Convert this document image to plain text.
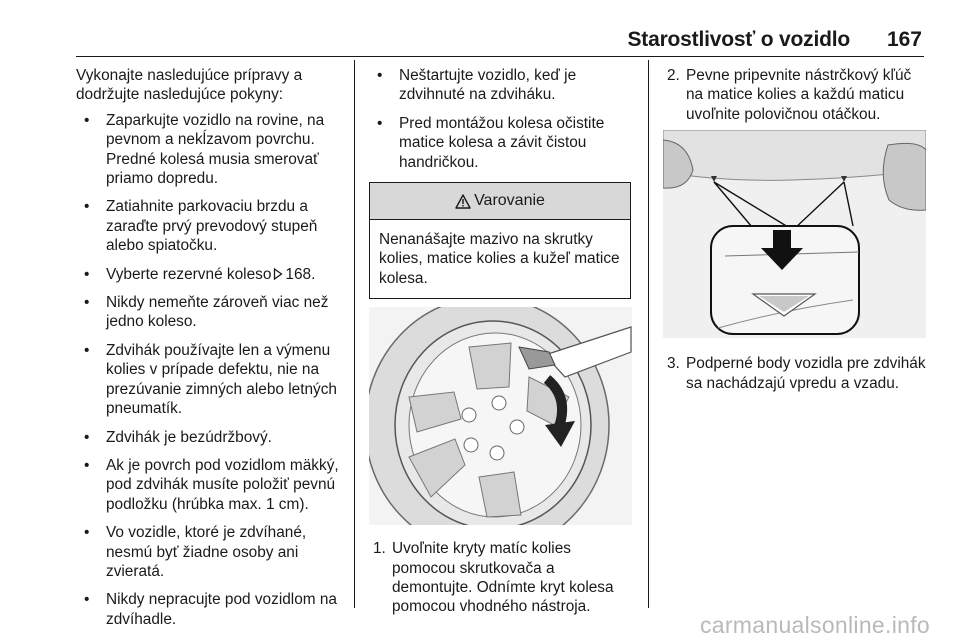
Starostlivosť o vozidlo 167

Vykonajte nasledujúce prípravy a dodržujte nasledujúce pokyny:

• Zaparkujte vozidlo na rovine, na pevnom a nekĺzavom povrchu. Predné kolesá musia smerovať priamo dopredu.
• Zatiahnite parkovaciu brzdu a zaraďte prvý prevodový stupeň alebo spiatočku.
• Vyberte rezervné koleso 168.
• Nikdy nemeňte zároveň viac než jedno koleso.
• Zdvihák používajte len a výmenu kolies v prípade defektu, nie na prezúvanie zimných alebo letných pneumatík.
• Zdvihák je bezúdržbový.
• Ak je povrch pod vozidlom mäkký, pod zdvihák musíte položiť pevnú podložku (hrúbka max. 1 cm).
• Vo vozidle, ktoré je zdvíhané, nesmú byť žiadne osoby ani zvieratá.
• Nikdy nepracujte pod vozidlom na zdvíhadle.
• Neštartujte vozidlo, keď je zdvihnuté na zdviháku.
• Pred montážou kolesa očistite matice kolesa a závit čistou handričkou.
Varovanie
Nenanášajte mazivo na skrutky kolies, matice kolies a kužeľ matice kolesa.
1. Uvoľnite kryty matíc kolies pomocou skrutkovača a demontujte. Odnímte kryt kolesa pomocou vhodného nástroja.
2. Pevne pripevnite nástrčkový kľúč na matice kolies a každú maticu uvoľnite polovičnou otáčkou.
3. Podperné body vozidla pre zdvihák sa nachádzajú vpredu a vzadu.
carmanualsonline.info
